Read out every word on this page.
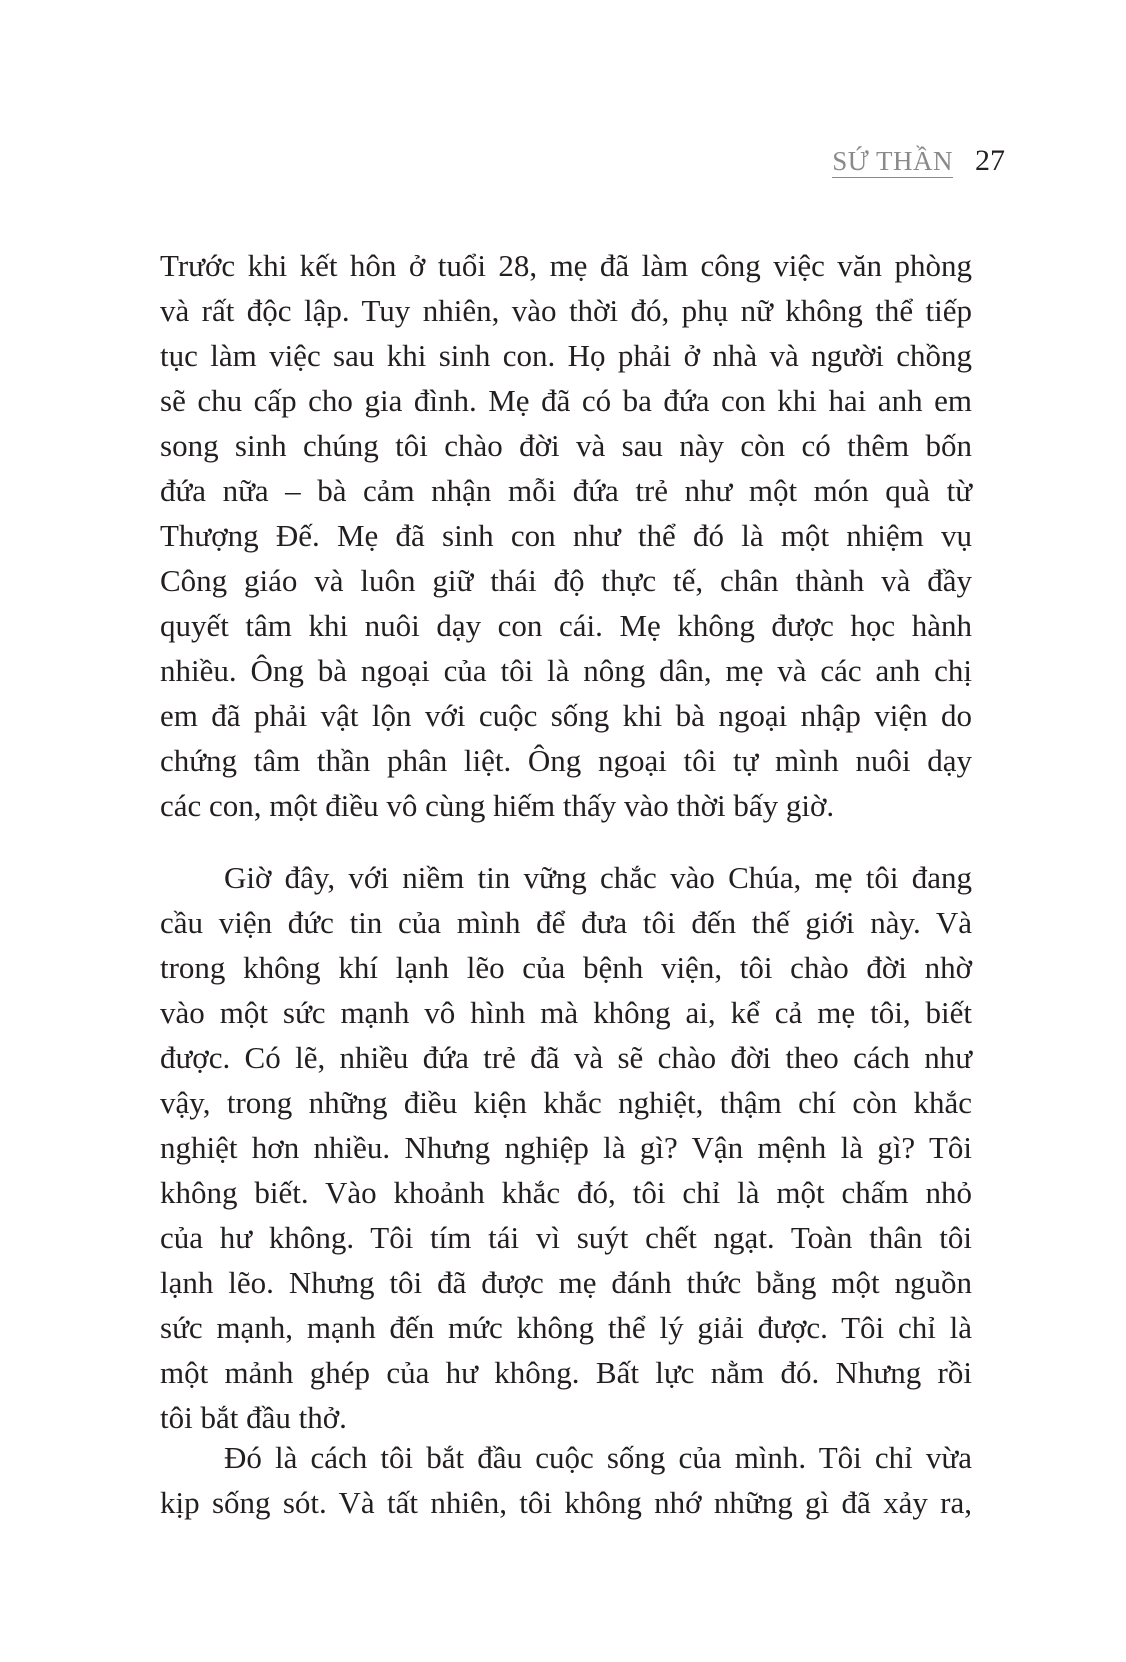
SỨ THẦN 27

Trước khi kết hôn ở tuổi 28, mẹ đã làm công việc văn phòng
và rất độc lập. Tuy nhiên, vào thời đó, phụ nữ không thể tiếp
tục làm việc sau khi sinh con. Họ phải ở nhà và người chồng
sẽ chu cấp cho gia đình. Mẹ đã có ba đứa con khi hai anh em
song sinh chúng tôi chào đời và sau này còn có thêm bốn
đứa nữa – bà cảm nhận mỗi đứa trẻ như một món quà từ
Thượng Đế. Mẹ đã sinh con như thể đó là một nhiệm vụ
Công giáo và luôn giữ thái độ thực tế, chân thành và đầy
quyết tâm khi nuôi dạy con cái. Mẹ không được học hành
nhiều. Ông bà ngoại của tôi là nông dân, mẹ và các anh chị
em đã phải vật lộn với cuộc sống khi bà ngoại nhập viện do
chứng tâm thần phân liệt. Ông ngoại tôi tự mình nuôi dạy
các con, một điều vô cùng hiếm thấy vào thời bấy giờ.

Giờ đây, với niềm tin vững chắc vào Chúa, mẹ tôi đang
cầu viện đức tin của mình để đưa tôi đến thế giới này. Và
trong không khí lạnh lẽo của bệnh viện, tôi chào đời nhờ
vào một sức mạnh vô hình mà không ai, kể cả mẹ tôi, biết
được. Có lẽ, nhiều đứa trẻ đã và sẽ chào đời theo cách như
vậy, trong những điều kiện khắc nghiệt, thậm chí còn khắc
nghiệt hơn nhiều. Nhưng nghiệp là gì? Vận mệnh là gì? Tôi
không biết. Vào khoảnh khắc đó, tôi chỉ là một chấm nhỏ
của hư không. Tôi tím tái vì suýt chết ngạt. Toàn thân tôi
lạnh lẽo. Nhưng tôi đã được mẹ đánh thức bằng một nguồn
sức mạnh, mạnh đến mức không thể lý giải được. Tôi chỉ là
một mảnh ghép của hư không. Bất lực nằm đó. Nhưng rồi
tôi bắt đầu thở.

Đó là cách tôi bắt đầu cuộc sống của mình. Tôi chỉ vừa
kịp sống sót. Và tất nhiên, tôi không nhớ những gì đã xảy ra,
